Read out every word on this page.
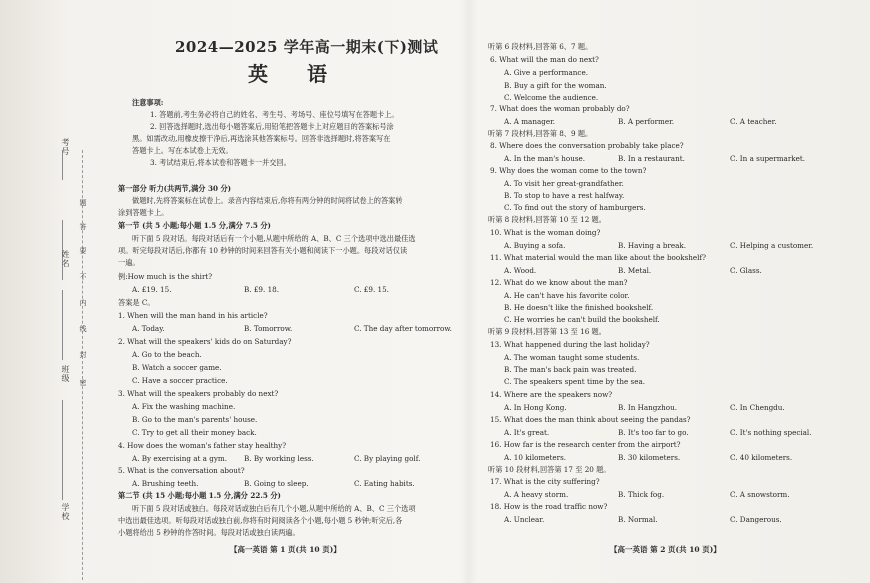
考号
姓名
班级
学校
题
答
要
不
内
线
封
密
2024—2025 学年高一期末(下)测试
英 语
注意事项:
1. 答题前,考生务必将自己的姓名、考生号、考场号、座位号填写在答题卡上。
2. 回答选择题时,选出每小题答案后,用铅笔把答题卡上对应题目的答案标号涂
黑。如需改动,用橡皮擦干净后,再选涂其他答案标号。回答非选择题时,将答案写在
答题卡上。写在本试卷上无效。
3. 考试结束后,将本试卷和答题卡一并交回。
第一部分 听力(共两节,满分 30 分)
做题时,先将答案标在试卷上。录音内容结束后,你将有两分钟的时间将试卷上的答案转
涂到答题卡上。
第一节 (共 5 小题;每小题 1.5 分,满分 7.5 分)
听下面 5 段对话。每段对话后有一个小题,从题中所给的 A、B、C 三个选项中选出最佳选
项。听完每段对话后,你都有 10 秒钟的时间来回答有关小题和阅读下一小题。每段对话仅读
一遍。
例:How much is the shirt?
A. £19. 15.	B. £9. 18.	C. £9. 15.
答案是 C。
1. When will the man hand in his article?
A. Today.	B. Tomorrow.	C. The day after tomorrow.
2. What will the speakers' kids do on Saturday?
A. Go to the beach.
B. Watch a soccer game.
C. Have a soccer practice.
3. What will the speakers probably do next?
A. Fix the washing machine.
B. Go to the man's parents' house.
C. Try to get all their money back.
4. How does the woman's father stay healthy?
A. By exercising at a gym. B. By working less.	C. By playing golf.
5. What is the conversation about?
A. Brushing teeth.	B. Going to sleep.	C. Eating habits.
第二节 (共 15 小题;每小题 1.5 分,满分 22.5 分)
听下面 5 段对话或独白。每段对话或独白后有几个小题,从题中所给的 A、B、C 三个选项
中选出最佳选项。听每段对话或独白前,你将有时间阅读各个小题,每小题 5 秒钟;听完后,各
小题将给出 5 秒钟的作答时间。每段对话或独白读两遍。
【高一英语 第 1 页(共 10 页)】
听第 6 段材料,回答第 6、7 题。
6. What will the man do next?
A. Give a performance.
B. Buy a gift for the woman.
C. Welcome the audience.
7. What does the woman probably do?
A. A manager.	B. A performer.	C. A teacher.
听第 7 段材料,回答第 8、9 题。
8. Where does the conversation probably take place?
A. In the man's house.	B. In a restaurant.	C. In a supermarket.
9. Why does the woman come to the town?
A. To visit her great-grandfather.
B. To stop to have a rest halfway.
C. To find out the story of hamburgers.
听第 8 段材料,回答第 10 至 12 题。
10. What is the woman doing?
A. Buying a sofa.	B. Having a break.	C. Helping a customer.
11. What material would the man like about the bookshelf?
A. Wood.	B. Metal.	C. Glass.
12. What do we know about the man?
A. He can't have his favorite color.
B. He doesn't like the finished bookshelf.
C. He worries he can't build the bookshelf.
听第 9 段材料,回答第 13 至 16 题。
13. What happened during the last holiday?
A. The woman taught some students.
B. The man's back pain was treated.
C. The speakers spent time by the sea.
14. Where are the speakers now?
A. In Hong Kong.	B. In Hangzhou.	C. In Chengdu.
15. What does the man think about seeing the pandas?
A. It's great.	B. It's too far to go.	C. It's nothing special.
16. How far is the research center from the airport?
A. 10 kilometers.	B. 30 kilometers.	C. 40 kilometers.
听第 10 段材料,回答第 17 至 20 题。
17. What is the city suffering?
A. A heavy storm.	B. Thick fog.	C. A snowstorm.
18. How is the road traffic now?
A. Unclear.	B. Normal.	C. Dangerous.
【高一英语 第 2 页(共 10 页)】
